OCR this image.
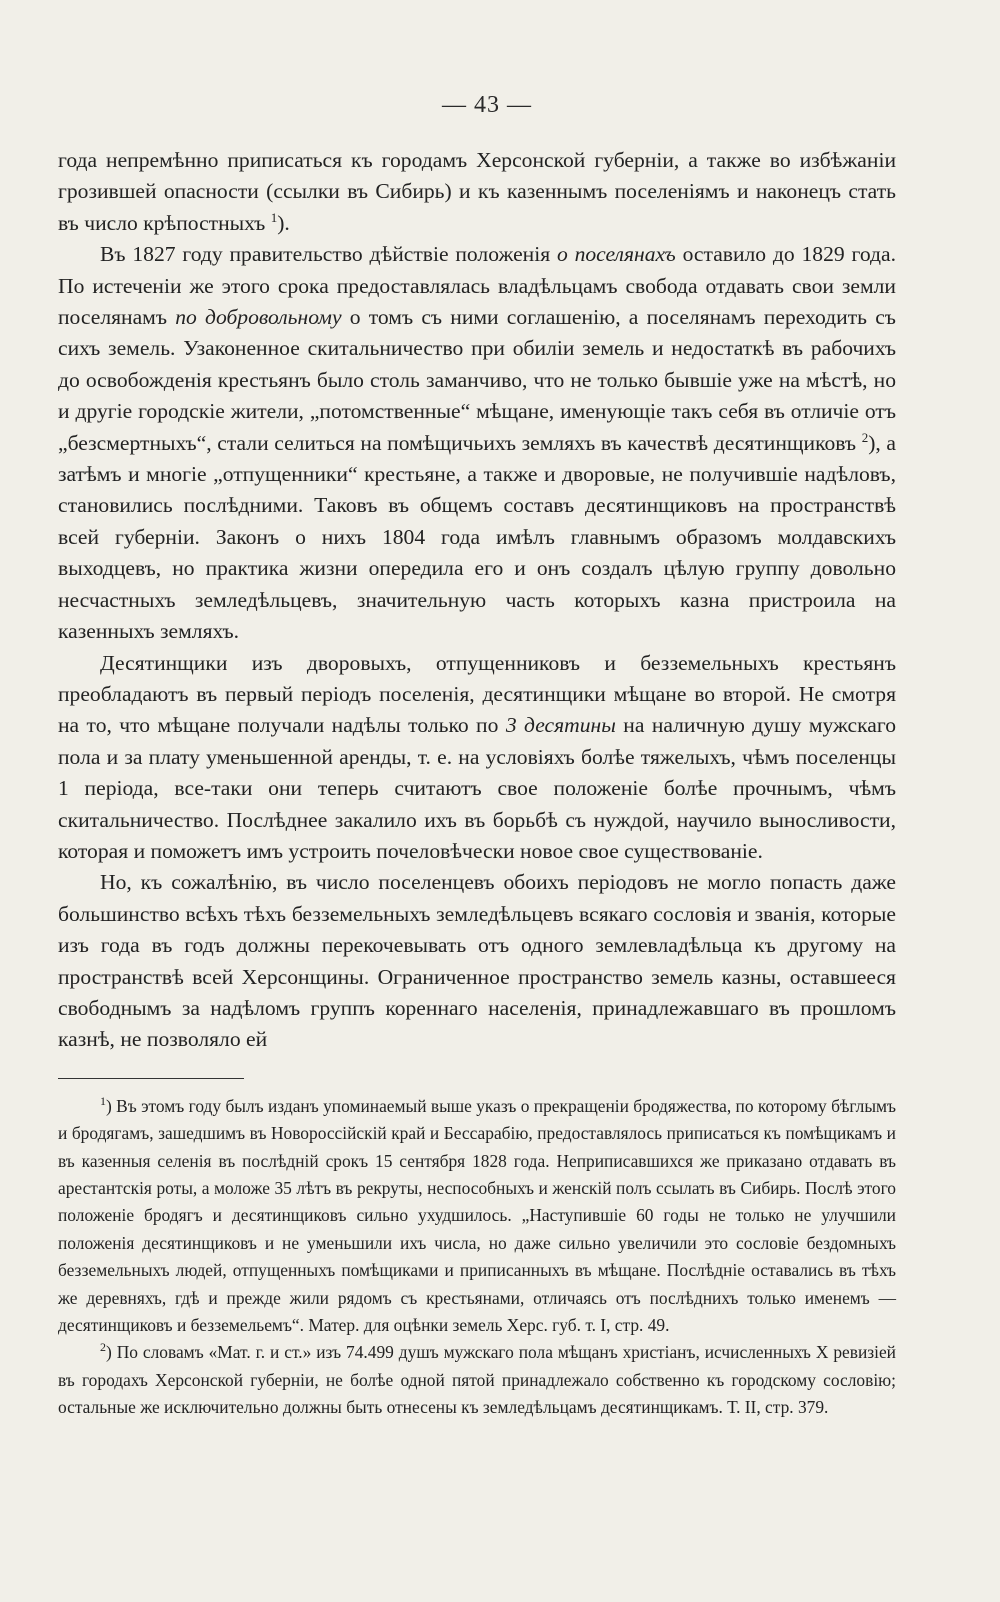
— 43 —

года непремѣнно приписаться къ городамъ Херсонской губерніи, а также во избѣжаніи грозившей опасности (ссылки въ Сибирь) и къ казеннымъ поселеніямъ и наконецъ стать въ число крѣпостныхъ $^1$).

Въ 1827 году правительство дѣйствіе положенія о поселянахъ оставило до 1829 года. По истеченіи же этого срока предоставлялась владѣльцамъ свобода отдавать свои земли поселянамъ по добровольному о томъ съ ними соглашенію, а поселянамъ переходить съ сихъ земель. Узаконенное скитальничество при обиліи земель и недостаткѣ въ рабочихъ до освобожденія крестьянъ было столь заманчиво, что не только бывшіе уже на мѣстѣ, но и другіе городскіе жители, „потомственные“ мѣщане, именующіе такъ себя въ отличіе отъ „безсмертныхъ“, стали селиться на помѣщичьихъ земляхъ въ качествѣ десятинщиковъ $^2$), а затѣмъ и многіе „отпущенники“ крестьяне, а также и дворовые, не получившіе надѣловъ, становились послѣдними. Таковъ въ общемъ составъ десятинщиковъ на пространствѣ всей губерніи. Законъ о нихъ 1804 года имѣлъ главнымъ образомъ молдавскихъ выходцевъ, но практика жизни опередила его и онъ создалъ цѣлую группу довольно несчастныхъ земледѣльцевъ, значительную часть которыхъ казна пристроила на казенныхъ земляхъ.

Десятинщики изъ дворовыхъ, отпущенниковъ и безземельныхъ крестьянъ преобладаютъ въ первый періодъ поселенія, десятинщики мѣщане во второй. Не смотря на то, что мѣщане получали надѣлы только по 3 десятины на наличную душу мужскаго пола и за плату уменьшенной аренды, т. е. на условіяхъ болѣе тяжелыхъ, чѣмъ поселенцы 1 періода, все-таки они теперь считаютъ свое положеніе болѣе прочнымъ, чѣмъ скитальничество. Послѣднее закалило ихъ въ борьбѣ съ нуждой, научило выносливости, которая и поможетъ имъ устроить почеловѣчески новое свое существованіе.

Но, къ сожалѣнію, въ число поселенцевъ обоихъ періодовъ не могло попасть даже большинство всѣхъ тѣхъ безземельныхъ земледѣльцевъ всякаго сословія и званія, которые изъ года въ годъ должны перекочевывать отъ одного землевладѣльца къ другому на пространствѣ всей Херсонщины. Ограниченное пространство земель казны, оставшееся свободнымъ за надѣломъ группъ кореннаго населенія, принадлежавшаго въ прошломъ казнѣ, не позволяло ей

$^1$) Въ этомъ году былъ изданъ упоминаемый выше указъ о прекращеніи бродяжества, по которому бѣглымъ и бродягамъ, зашедшимъ въ Новороссійскій край и Бессарабію, предоставлялось приписаться къ помѣщикамъ и въ казенныя селенія въ послѣдній срокъ 15 сентября 1828 года. Неприписавшихся же приказано отдавать въ арестантскія роты, а моложе 35 лѣтъ въ рекруты, неспособныхъ и женскій полъ ссылать въ Сибирь. Послѣ этого положеніе бродягъ и десятинщиковъ сильно ухудшилось. „Наступившіе 60 годы не только не улучшили положенія десятинщиковъ и не уменьшили ихъ числа, но даже сильно увеличили это сословіе бездомныхъ безземельныхъ людей, отпущенныхъ помѣщиками и приписанныхъ въ мѣщане. Послѣдніе оставались въ тѣхъ же деревняхъ, гдѣ и прежде жили рядомъ съ крестьянами, отличаясь отъ послѣднихъ только именемъ —десятинщиковъ и безземельемъ“. Матер. для оцѣнки земель Херс. губ. т. I, стр. 49.

$^2$) По словамъ «Мат. г. и ст.» изъ 74.499 душъ мужскаго пола мѣщанъ христіанъ, исчисленныхъ X ревизіей въ городахъ Херсонской губерніи, не болѣе одной пятой принадлежало собственно къ городскому сословію; остальные же исключительно должны быть отнесены къ земледѣльцамъ десятинщикамъ. Т. II, стр. 379.
